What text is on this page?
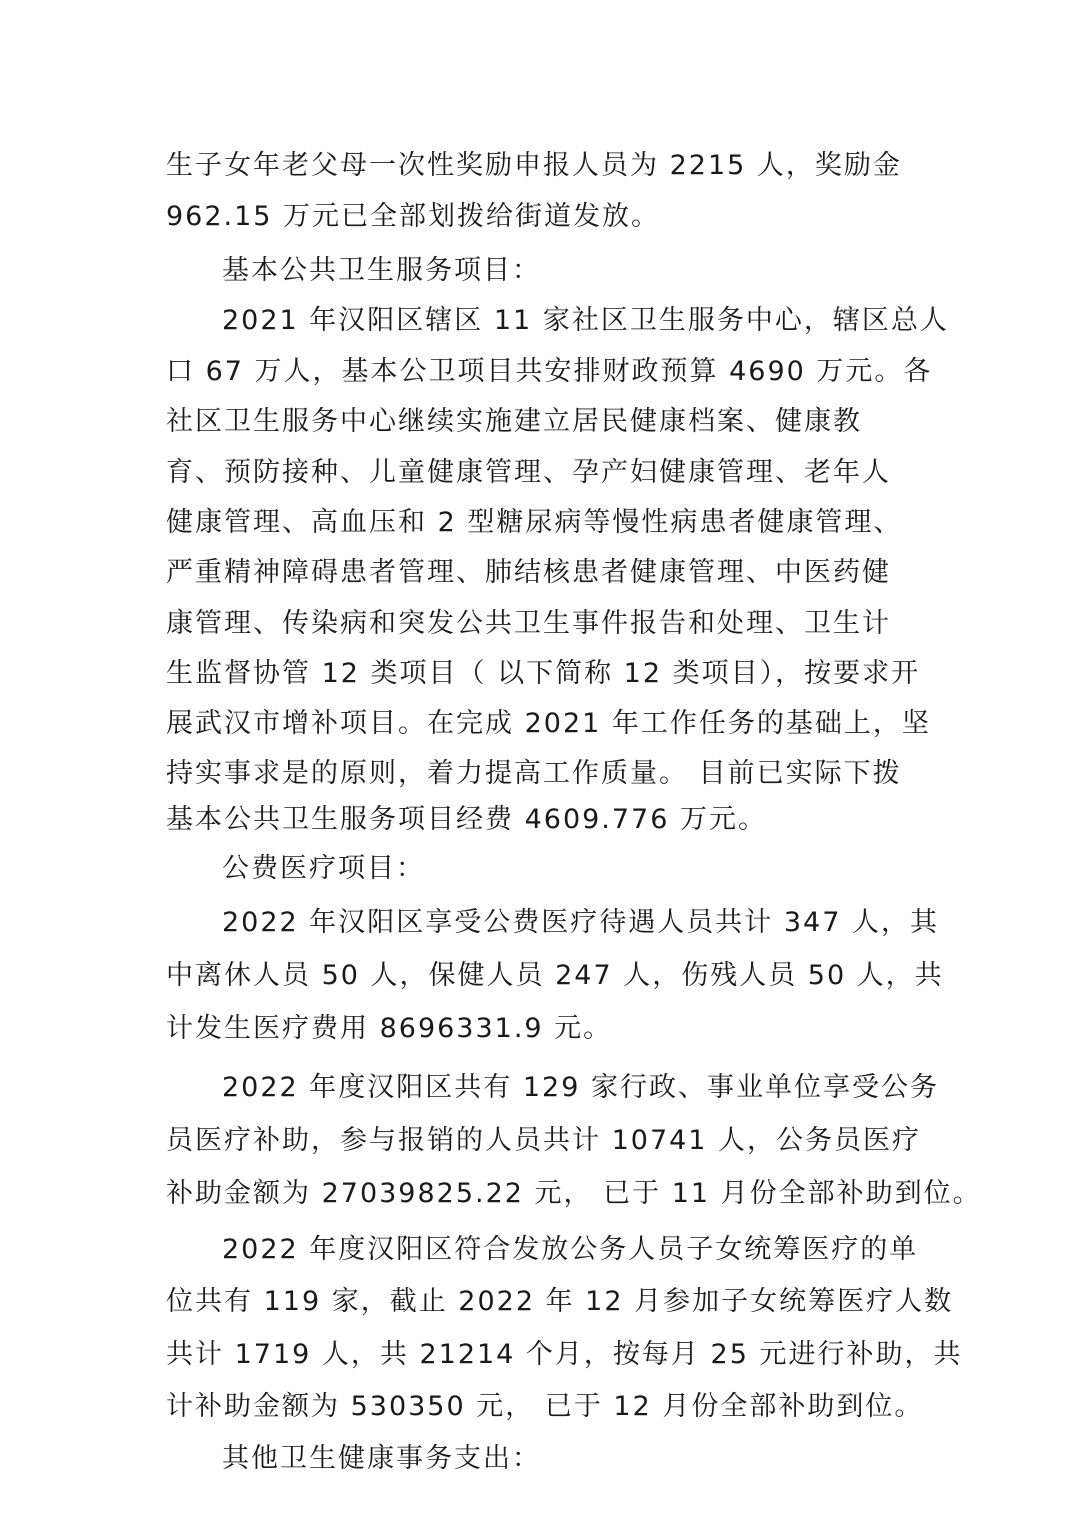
生子女年老父母一次性奖励申报人员为 2215 人，奖励金
962.15 万元已全部划拨给街道发放。
基本公共卫生服务项目：
2021 年汉阳区辖区 11 家社区卫生服务中心，辖区总人
口 67 万人，基本公卫项目共安排财政预算 4690 万元。各
社区卫生服务中心继续实施建立居民健康档案、健康教
育、预防接种、儿童健康管理、孕产妇健康管理、老年人
健康管理、高血压和 2 型糖尿病等慢性病患者健康管理、
严重精神障碍患者管理、肺结核患者健康管理、中医药健
康管理、传染病和突发公共卫生事件报告和处理、卫生计
生监督协管 12 类项目（ 以下简称 12 类项目），按要求开
展武汉市增补项目。在完成 2021 年工作任务的基础上，坚
持实事求是的原则，着力提高工作质量。 目前已实际下拨
基本公共卫生服务项目经费 4609.776 万元。
公费医疗项目：
2022 年汉阳区享受公费医疗待遇人员共计 347 人，其
中离休人员 50 人，保健人员 247 人，伤残人员 50 人，共
计发生医疗费用 8696331.9 元。
2022 年度汉阳区共有 129 家行政、事业单位享受公务
员医疗补助，参与报销的人员共计 10741 人，公务员医疗
补助金额为 27039825.22 元， 已于 11 月份全部补助到位。
2022 年度汉阳区符合发放公务人员子女统筹医疗的单
位共有 119 家，截止 2022 年 12 月参加子女统筹医疗人数
共计 1719 人，共 21214 个月，按每月 25 元进行补助，共
计补助金额为 530350 元， 已于 12 月份全部补助到位。
其他卫生健康事务支出：
